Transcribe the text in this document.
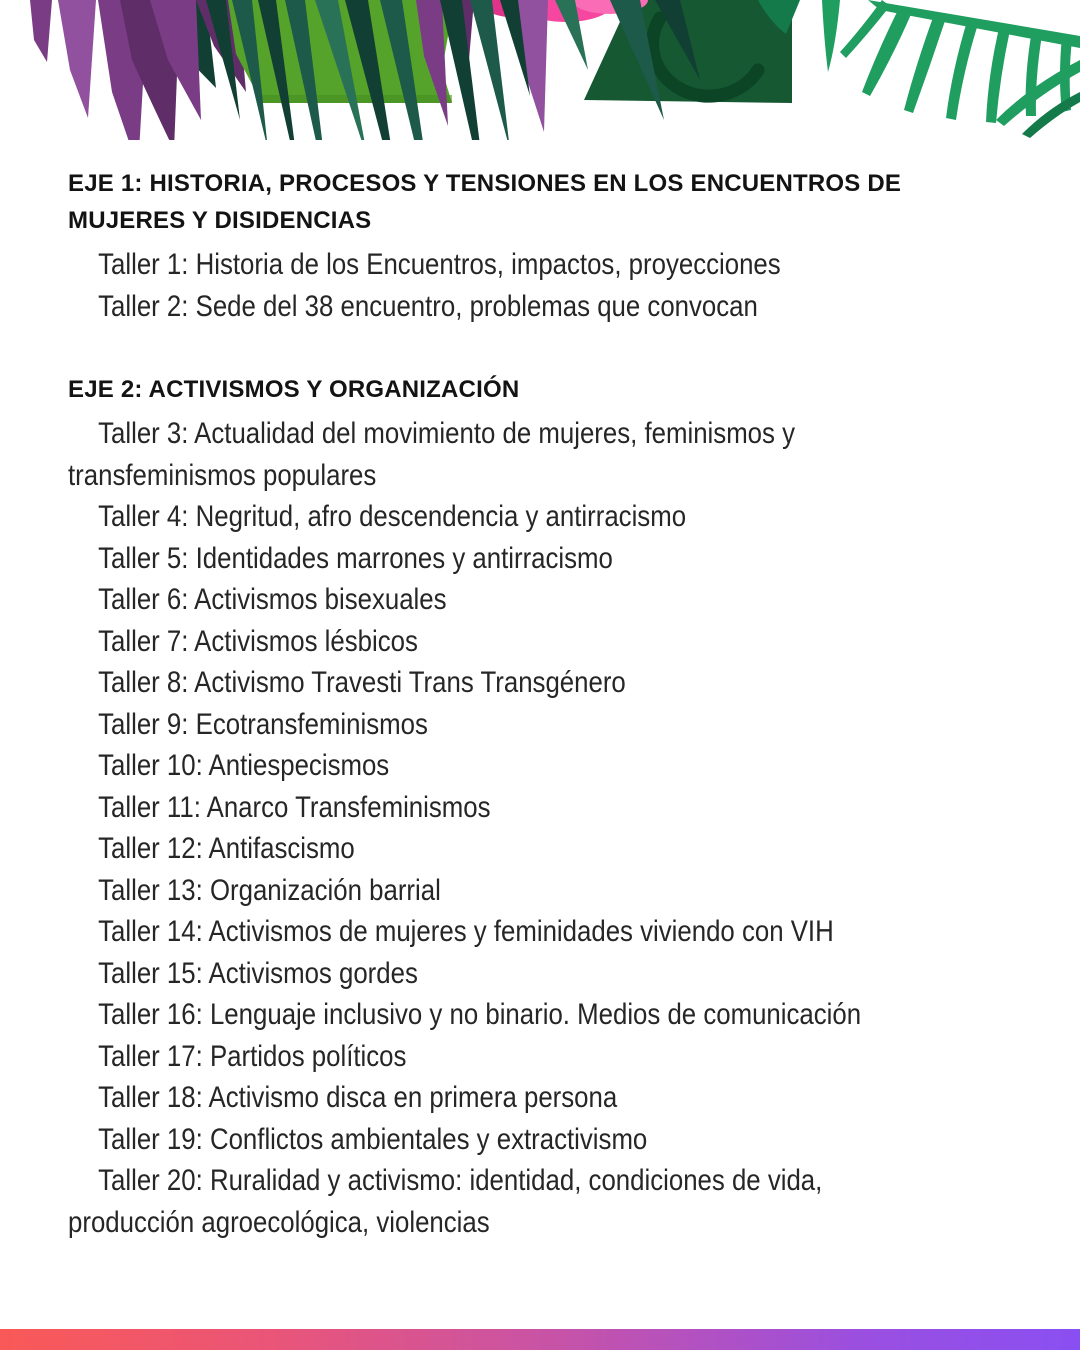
EJE 1: HISTORIA, PROCESOS Y TENSIONES EN LOS ENCUENTROS DE
MUJERES Y DISIDENCIAS

Taller 1: Historia de los Encuentros, impactos, proyecciones

Taller 2: Sede del 38 encuentro, problemas que convocan

EJE 2: ACTIVISMOS Y ORGANIZACIÓN

Taller 3: Actualidad del movimiento de mujeres, feminismos y
transfeminismos populares

Taller 4: Negritud, afro descendencia y antirracismo

Taller 5: Identidades marrones y antirracismo

Taller 6: Activismos bisexuales

Taller 7: Activismos lésbicos

Taller 8: Activismo Travesti Trans Transgénero

Taller 9: Ecotransfeminismos

Taller 10: Antiespecismos

Taller 11: Anarco Transfeminismos

Taller 12: Antifascismo

Taller 13: Organización barrial

Taller 14: Activismos de mujeres y feminidades viviendo con VIH

Taller 15: Activismos gordes

Taller 16: Lenguaje inclusivo y no binario. Medios de comunicación

Taller 17: Partidos políticos

Taller 18: Activismo disca en primera persona

Taller 19: Conflictos ambientales y extractivismo

Taller 20: Ruralidad y activismo: identidad, condiciones de vida,
producción agroecológica, violencias
